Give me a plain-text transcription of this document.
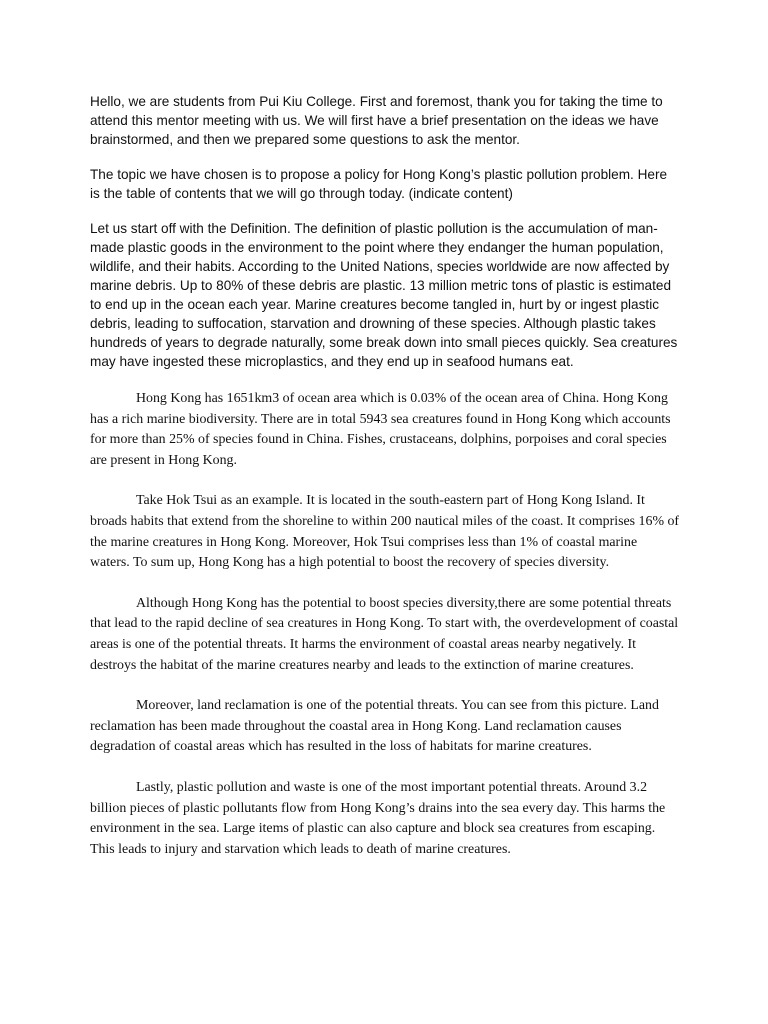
Hello, we are students from Pui Kiu College. First and foremost, thank you for taking the time to attend this mentor meeting with us. We will first have a brief presentation on the ideas we have brainstormed, and then we prepared some questions to ask the mentor.

The topic we have chosen is to propose a policy for Hong Kong’s plastic pollution problem. Here is the table of contents that we will go through today. (indicate content)

Let us start off with the Definition. The definition of plastic pollution is the accumulation of man-made plastic goods in the environment to the point where they endanger the human population, wildlife, and their habits. According to the United Nations, species worldwide are now affected by marine debris. Up to 80% of these debris are plastic. 13 million metric tons of plastic is estimated to end up in the ocean each year. Marine creatures become tangled in, hurt by or ingest plastic debris, leading to suffocation, starvation and drowning of these species. Although plastic takes hundreds of years to degrade naturally, some break down into small pieces quickly. Sea creatures may have ingested these microplastics, and they end up in seafood humans eat.

Hong Kong has 1651km3 of ocean area which is 0.03% of the ocean area of China. Hong Kong has a rich marine biodiversity. There are in total 5943 sea creatures found in Hong Kong which accounts for more than 25% of species found in China. Fishes, crustaceans, dolphins, porpoises and coral species are present in Hong Kong.

Take Hok Tsui as an example. It is located in the south-eastern part of Hong Kong Island. It broads habits that extend from the shoreline to within 200 nautical miles of the coast. It comprises 16% of the marine creatures in Hong Kong. Moreover, Hok Tsui comprises less than 1% of coastal marine waters. To sum up, Hong Kong has a high potential to boost the recovery of species diversity.

Although Hong Kong has the potential to boost species diversity,there are some potential threats that lead to the rapid decline of sea creatures in Hong Kong. To start with, the overdevelopment of coastal areas is one of the potential threats. It harms the environment of coastal areas nearby negatively. It destroys the habitat of the marine creatures nearby and leads to the extinction of marine creatures.

Moreover, land reclamation is one of the potential threats. You can see from this picture. Land reclamation has been made throughout the coastal area in Hong Kong. Land reclamation causes degradation of coastal areas which has resulted in the loss of habitats for marine creatures.

Lastly, plastic pollution and waste is one of the most important potential threats. Around 3.2 billion pieces of plastic pollutants flow from Hong Kong’s drains into the sea every day. This harms the environment in the sea. Large items of plastic can also capture and block sea creatures from escaping. This leads to injury and starvation which leads to death of marine creatures.
